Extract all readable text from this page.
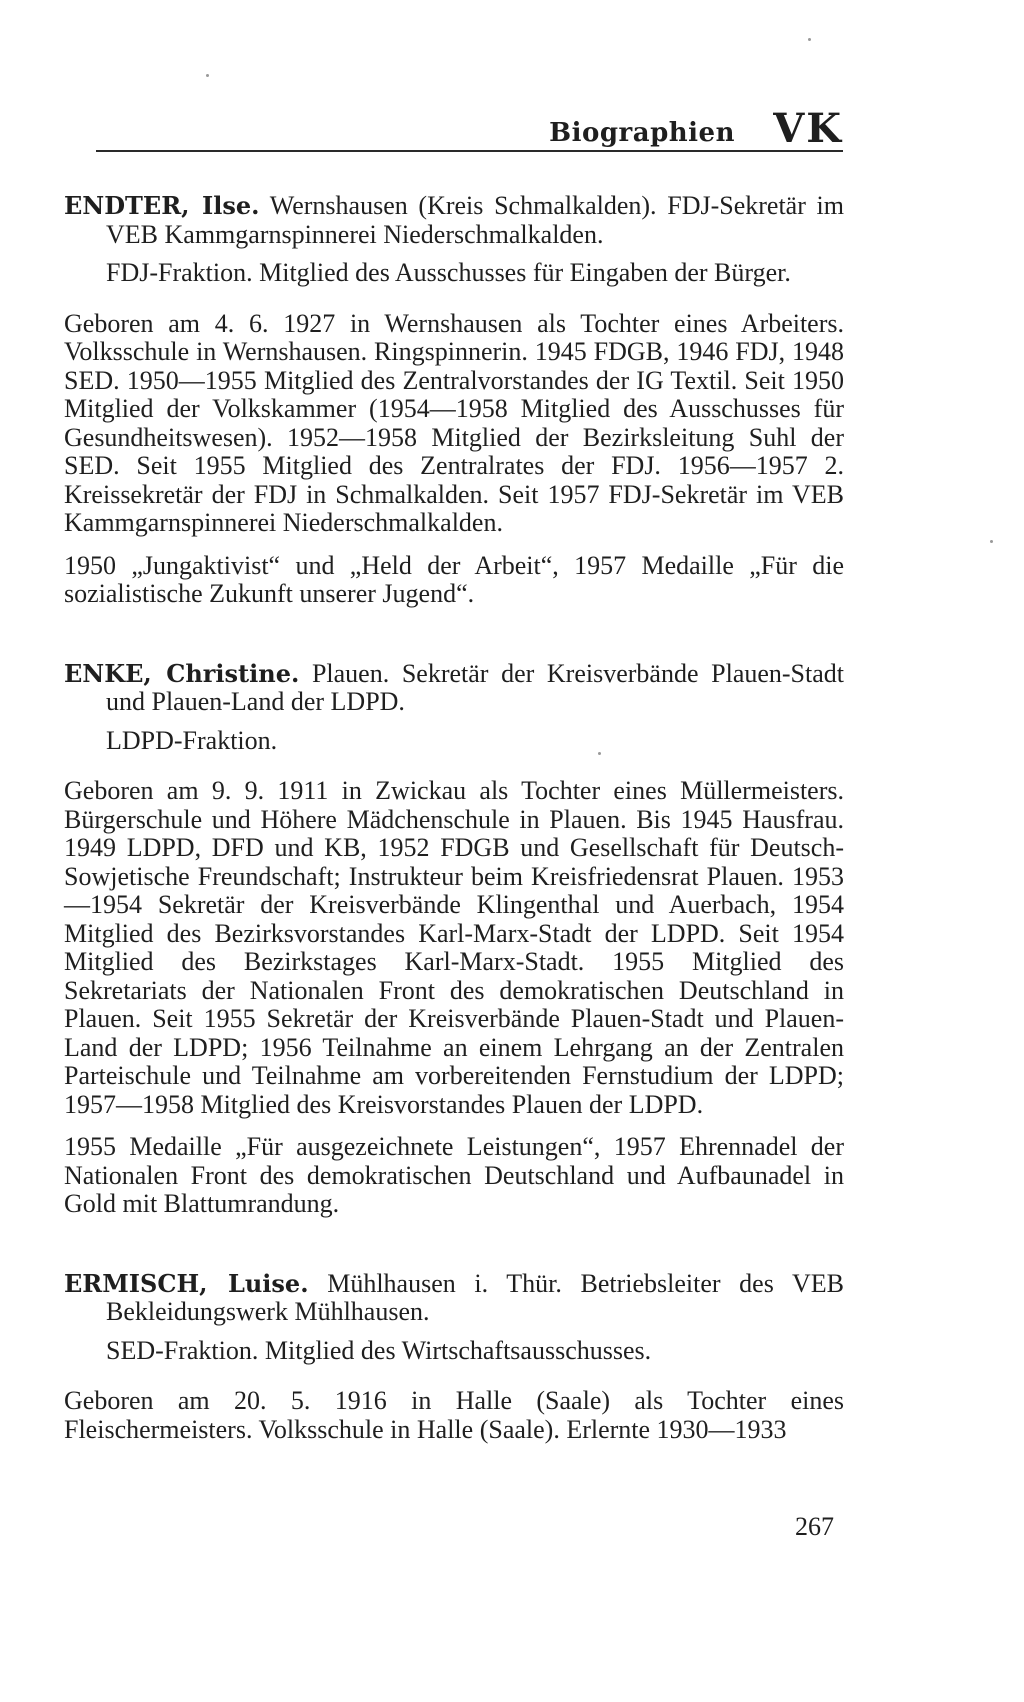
Biographien VK

ENDTER, Ilse. Wernshausen (Kreis Schmalkalden). FDJ-Sekretär im VEB Kammgarnspinnerei Niederschmalkalden.

FDJ-Fraktion. Mitglied des Ausschusses für Eingaben der Bürger.

Geboren am 4. 6. 1927 in Wernshausen als Tochter eines Arbeiters. Volksschule in Wernshausen. Ringspinnerin. 1945 FDGB, 1946 FDJ, 1948 SED. 1950—1955 Mitglied des Zentralvorstandes der IG Textil. Seit 1950 Mitglied der Volkskammer (1954—1958 Mitglied des Ausschusses für Gesundheitswesen). 1952—1958 Mitglied der Bezirksleitung Suhl der SED. Seit 1955 Mitglied des Zentralrates der FDJ. 1956—1957 2. Kreissekretär der FDJ in Schmalkalden. Seit 1957 FDJ-Sekretär im VEB Kammgarnspinnerei Niederschmalkalden.

1950 „Jungaktivist“ und „Held der Arbeit“, 1957 Medaille „Für die sozialistische Zukunft unserer Jugend“.

ENKE, Christine. Plauen. Sekretär der Kreisverbände Plauen-Stadt und Plauen-Land der LDPD.

LDPD-Fraktion.

Geboren am 9. 9. 1911 in Zwickau als Tochter eines Müllermeisters. Bürgerschule und Höhere Mädchenschule in Plauen. Bis 1945 Hausfrau. 1949 LDPD, DFD und KB, 1952 FDGB und Gesellschaft für Deutsch-Sowjetische Freundschaft; Instrukteur beim Kreisfriedensrat Plauen. 1953—1954 Sekretär der Kreisverbände Klingenthal und Auerbach, 1954 Mitglied des Bezirksvorstandes Karl-Marx-Stadt der LDPD. Seit 1954 Mitglied des Bezirkstages Karl-Marx-Stadt. 1955 Mitglied des Sekretariats der Nationalen Front des demokratischen Deutschland in Plauen. Seit 1955 Sekretär der Kreisverbände Plauen-Stadt und Plauen-Land der LDPD; 1956 Teilnahme an einem Lehrgang an der Zentralen Parteischule und Teilnahme am vorbereitenden Fernstudium der LDPD; 1957—1958 Mitglied des Kreisvorstandes Plauen der LDPD.

1955 Medaille „Für ausgezeichnete Leistungen“, 1957 Ehrennadel der Nationalen Front des demokratischen Deutschland und Aufbaunadel in Gold mit Blattumrandung.

ERMISCH, Luise. Mühlhausen i. Thür. Betriebsleiter des VEB Bekleidungswerk Mühlhausen.

SED-Fraktion. Mitglied des Wirtschaftsausschusses.

Geboren am 20. 5. 1916 in Halle (Saale) als Tochter eines Fleischermeisters. Volksschule in Halle (Saale). Erlernte 1930—1933

267
